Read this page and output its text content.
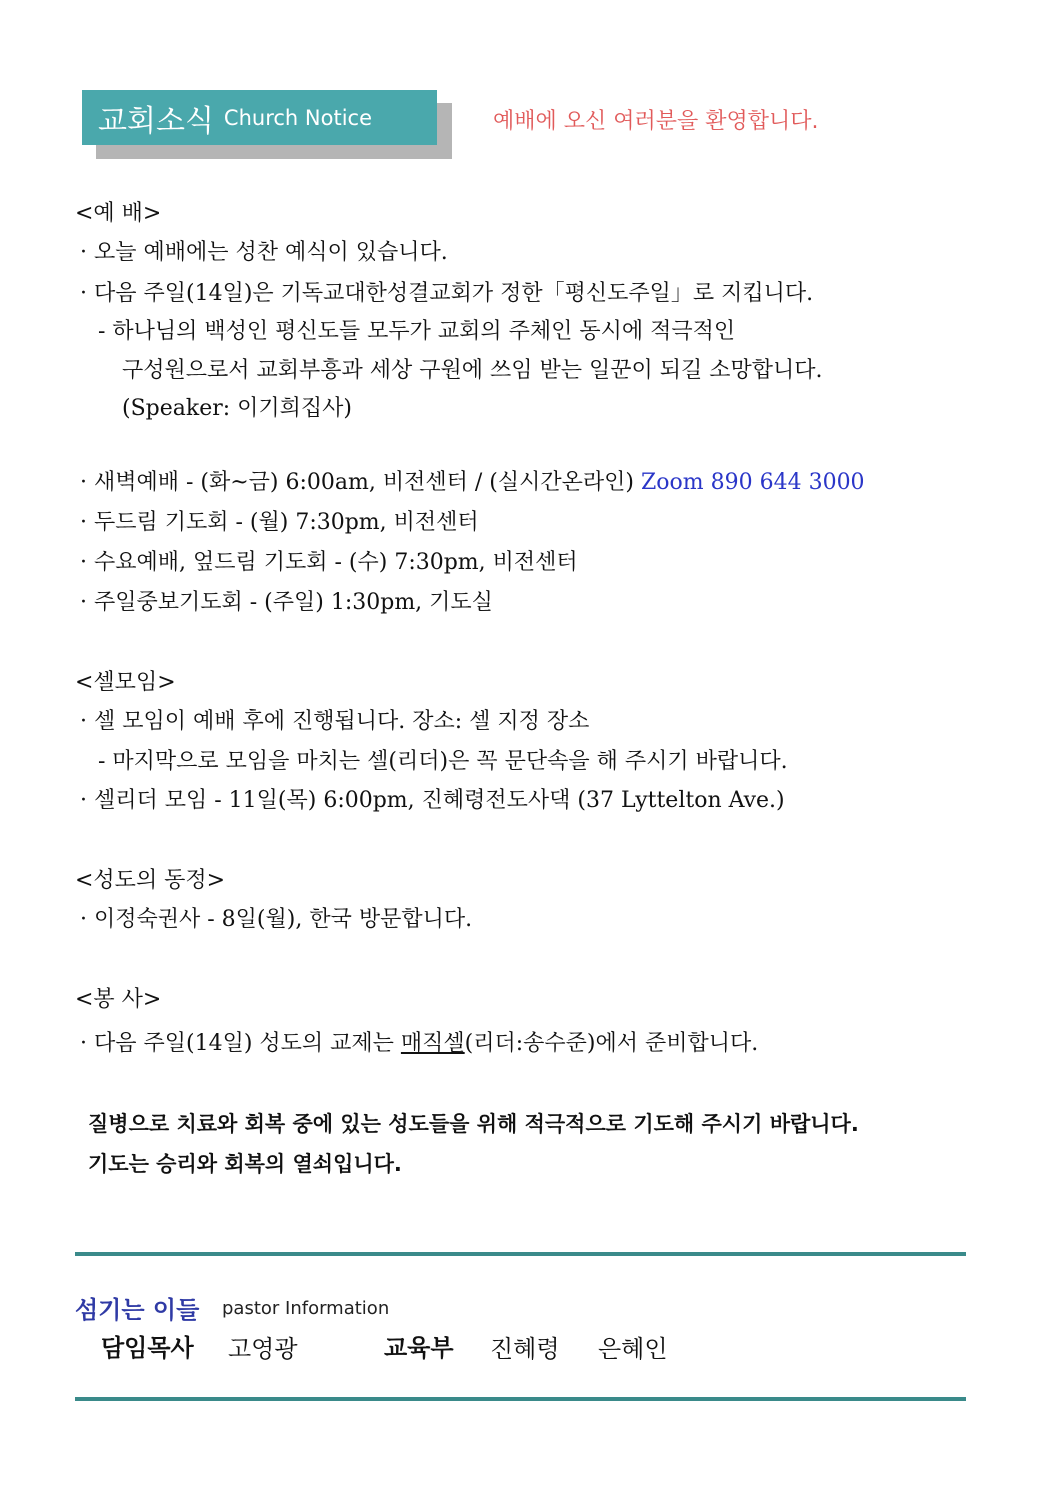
교회소식 Church Notice	예배에 오신 여러분을 환영합니다.
<예 배>
· 오늘 예배에는 성찬 예식이 있습니다.
· 다음 주일(14일)은 기독교대한성결교회가 정한「평신도주일」로 지킵니다.
- 하나님의 백성인 평신도들 모두가 교회의 주체인 동시에 적극적인
구성원으로서 교회부흥과 세상 구원에 쓰임 받는 일꾼이 되길 소망합니다.
(Speaker: 이기희집사)
· 새벽예배 - (화~금) 6:00am, 비전센터 / (실시간온라인) Zoom 890 644 3000
· 두드림 기도회 - (월) 7:30pm, 비전센터
· 수요예배, 엎드림 기도회 - (수) 7:30pm, 비전센터
· 주일중보기도회 - (주일) 1:30pm, 기도실
<셀모임>
· 셀 모임이 예배 후에 진행됩니다. 장소: 셀 지정 장소
- 마지막으로 모임을 마치는 셀(리더)은 꼭 문단속을 해 주시기 바랍니다.
· 셀리더 모임 - 11일(목) 6:00pm, 진혜령전도사댁 (37 Lyttelton Ave.)
<성도의 동정>
· 이정숙권사 - 8일(월), 한국 방문합니다.
<봉 사>
· 다음 주일(14일) 성도의 교제는 매직셀(리더:송수준)에서 준비합니다.
질병으로 치료와 회복 중에 있는 성도들을 위해 적극적으로 기도해 주시기 바랍니다.
기도는 승리와 회복의 열쇠입니다.
섬기는 이들 pastor Information
담임목사 고영광	교육부 진혜령 은혜인
